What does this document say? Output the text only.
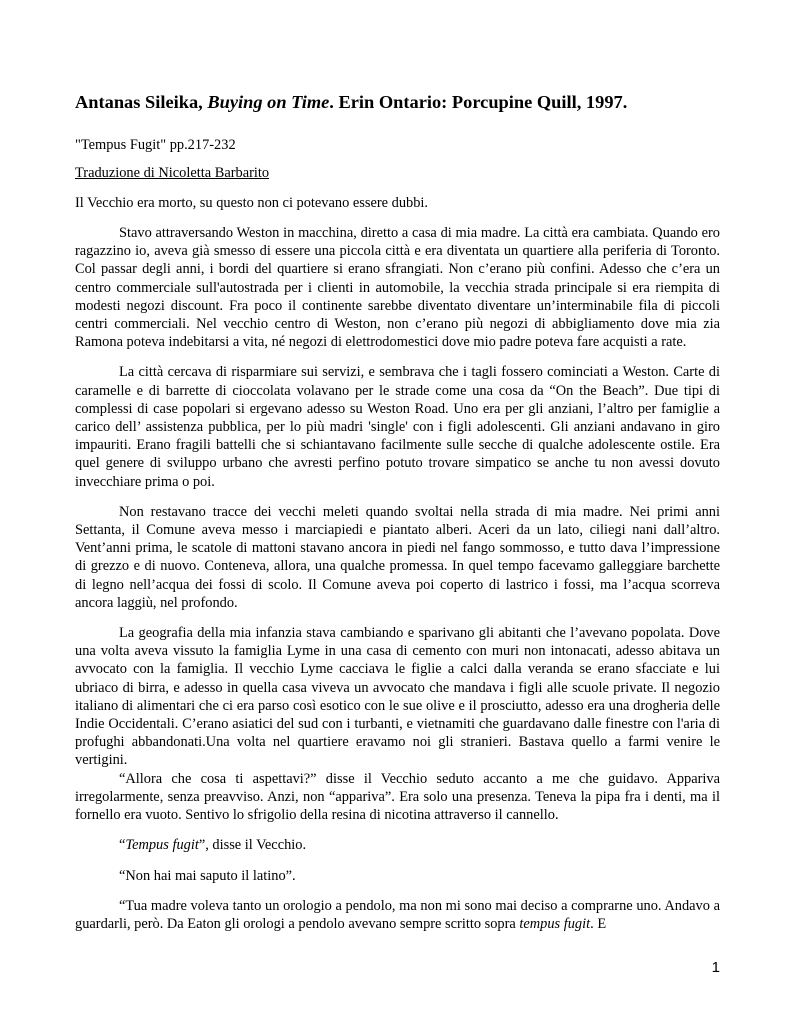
Antanas Sileika, Buying on Time. Erin Ontario: Porcupine Quill, 1997.

"Tempus Fugit" pp.217-232

Traduzione di Nicoletta Barbarito

Il Vecchio era morto, su questo non ci potevano essere dubbi.

Stavo attraversando Weston in macchina, diretto a casa di mia madre. La città era cambiata. Quando ero ragazzino io, aveva già smesso di essere una piccola città e era diventata un quartiere alla periferia di Toronto. Col passar degli anni, i bordi del quartiere si erano sfrangiati. Non c’erano più confini. Adesso che c’era un centro commerciale sull'autostrada per i clienti in automobile, la vecchia strada principale si era riempita di modesti negozi discount. Fra poco il continente sarebbe diventato diventare un’interminabile fila di piccoli centri commerciali. Nel vecchio centro di Weston, non c’erano più negozi di abbigliamento dove mia zia Ramona poteva indebitarsi a vita, né negozi di elettrodomestici dove mio padre poteva fare acquisti a rate.

La città cercava di risparmiare sui servizi, e sembrava che i tagli fossero cominciati a Weston. Carte di caramelle e di barrette di cioccolata volavano per le strade come una cosa da “On the Beach”. Due tipi di complessi di case popolari si ergevano adesso su Weston Road. Uno era per gli anziani, l’altro per famiglie a carico dell’ assistenza pubblica, per lo più madri 'single' con i figli adolescenti. Gli anziani andavano in giro impauriti. Erano fragili battelli che si schiantavano facilmente sulle secche di qualche adolescente ostile. Era quel genere di sviluppo urbano che avresti perfino potuto trovare simpatico se anche tu non avessi dovuto invecchiare prima o poi.

Non restavano tracce dei vecchi meleti quando svoltai nella strada di mia madre. Nei primi anni Settanta, il Comune aveva messo i marciapiedi e piantato alberi. Aceri da un lato, ciliegi nani dall’altro. Vent’anni prima, le scatole di mattoni stavano ancora in piedi nel fango sommosso, e tutto dava l’impressione di grezzo e di nuovo. Conteneva, allora, una qualche promessa. In quel tempo facevamo galleggiare barchette di legno nell’acqua dei fossi di scolo. Il Comune aveva poi coperto di lastrico i fossi, ma l’acqua scorreva ancora laggiù, nel profondo.

La geografia della mia infanzia stava cambiando e sparivano gli abitanti che l’avevano popolata. Dove una volta aveva vissuto la famiglia Lyme in una casa di cemento con muri non intonacati, adesso abitava un avvocato con la famiglia. Il vecchio Lyme cacciava le figlie a calci dalla veranda se erano sfacciate e lui ubriaco di birra, e adesso in quella casa viveva un avvocato che mandava i figli alle scuole private. Il negozio italiano di alimentari che ci era parso così esotico con le sue olive e il prosciutto, adesso era una drogheria delle Indie Occidentali. C’erano asiatici del sud con i turbanti, e vietnamiti che guardavano dalle finestre con l'aria di profughi abbandonati.Una volta nel quartiere eravamo noi gli stranieri. Bastava quello a farmi venire le vertigini.

“Allora che cosa ti aspettavi?” disse il Vecchio seduto accanto a me che guidavo. Appariva irregolarmente, senza preavviso. Anzi, non “appariva”. Era solo una presenza. Teneva la pipa fra i denti, ma il fornello era vuoto. Sentivo lo sfrigolio della resina di nicotina attraverso il cannello.

“Tempus fugit”, disse il Vecchio.

“Non hai mai saputo il latino”.

“Tua madre voleva tanto un orologio a pendolo, ma non mi sono mai deciso a comprarne uno. Andavo a guardarli, però. Da Eaton gli orologi a pendolo avevano sempre scritto sopra tempus fugit. E

1
